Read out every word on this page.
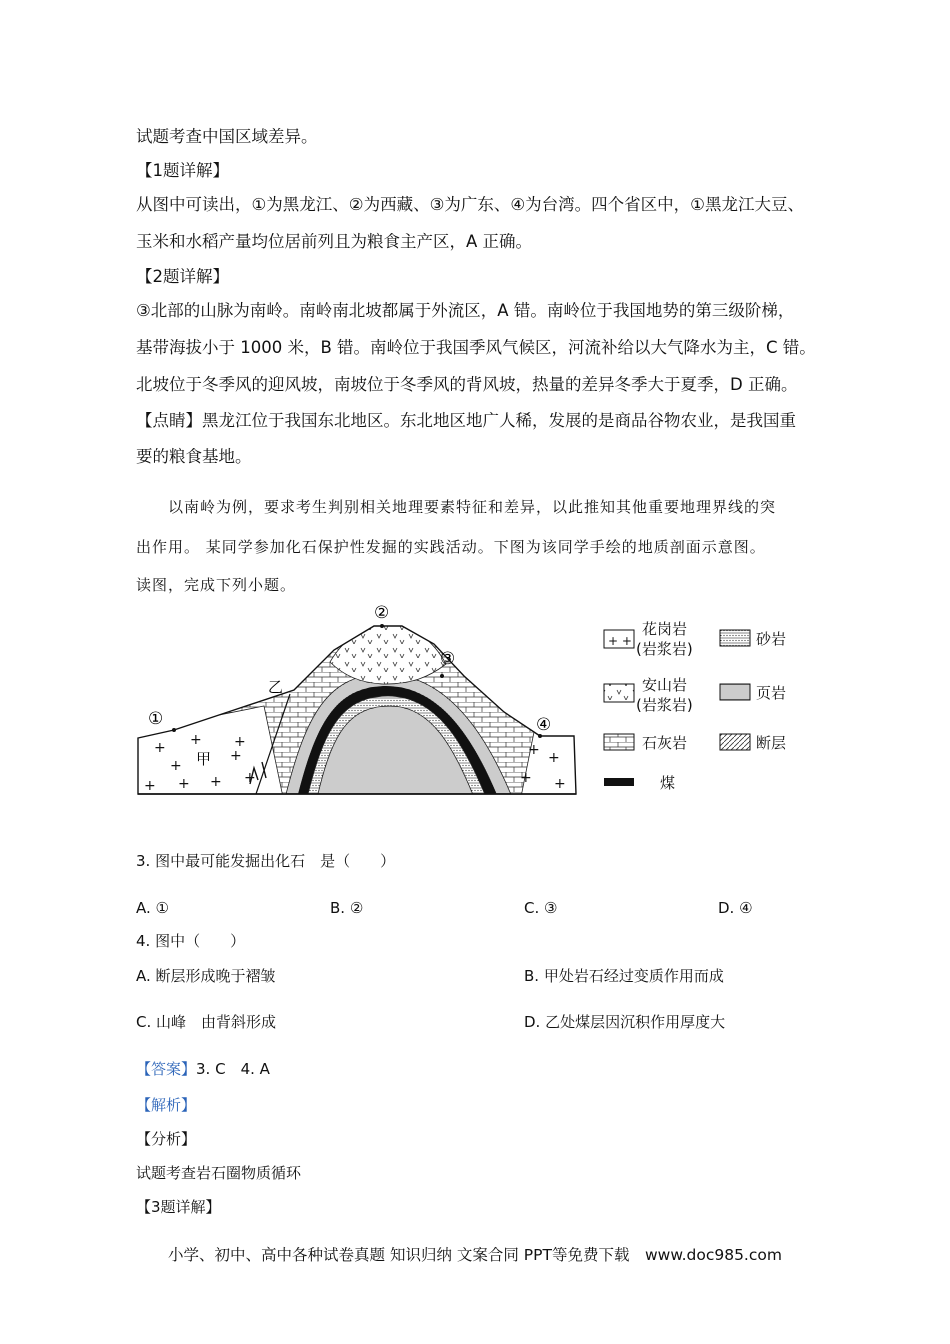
试题考查中国区域差异。
【1题详解】
从图中可读出，①为黑龙江、②为西藏、③为广东、④为台湾。四个省区中，①黑龙江大豆、
玉米和水稻产量均位居前列且为粮食主产区，A 正确。
【2题详解】
③北部的山脉为南岭。南岭南北坡都属于外流区，A 错。南岭位于我国地势的第三级阶梯，
基带海拔小于 1000 米，B 错。南岭位于我国季风气候区，河流补给以大气降水为主，C 错。
北坡位于冬季风的迎风坡，南坡位于冬季风的背风坡，热量的差异冬季大于夏季，D 正确。
【点睛】黑龙江位于我国东北地区。东北地区地广人稀，发展的是商品谷物农业，是我国重
要的粮食基地。
以南岭为例，要求考生判别相关地理要素特征和差异，以此推知其他重要地理界线的突
出作用。 某同学参加化石保护性发掘的实践活动。下图为该同学手绘的地质剖面示意图。
读图，完成下列小题。
+ + +
+
+
+ + + +
+ +
+ +
①
②
③
④
甲
乙
+ +
花岗岩
(岩浆岩)
砂岩
安山岩
(岩浆岩)
页岩
石灰岩	断层
煤
3. 图中最可能发掘出化石　是（　　）
A. ①	B. ②	C. ③	D. ④
4. 图中（　　）
A. 断层形成晚于褶皱	B. 甲处岩石经过变质作用而成
C. 山峰　由背斜形成	D. 乙处煤层因沉积作用厚度大
【答案】3. C　4. A
【解析】
【分析】
试题考查岩石圈物质循环
【3题详解】
小学、初中、高中各种试卷真题 知识归纳 文案合同 PPT等免费下载　www.doc985.com
